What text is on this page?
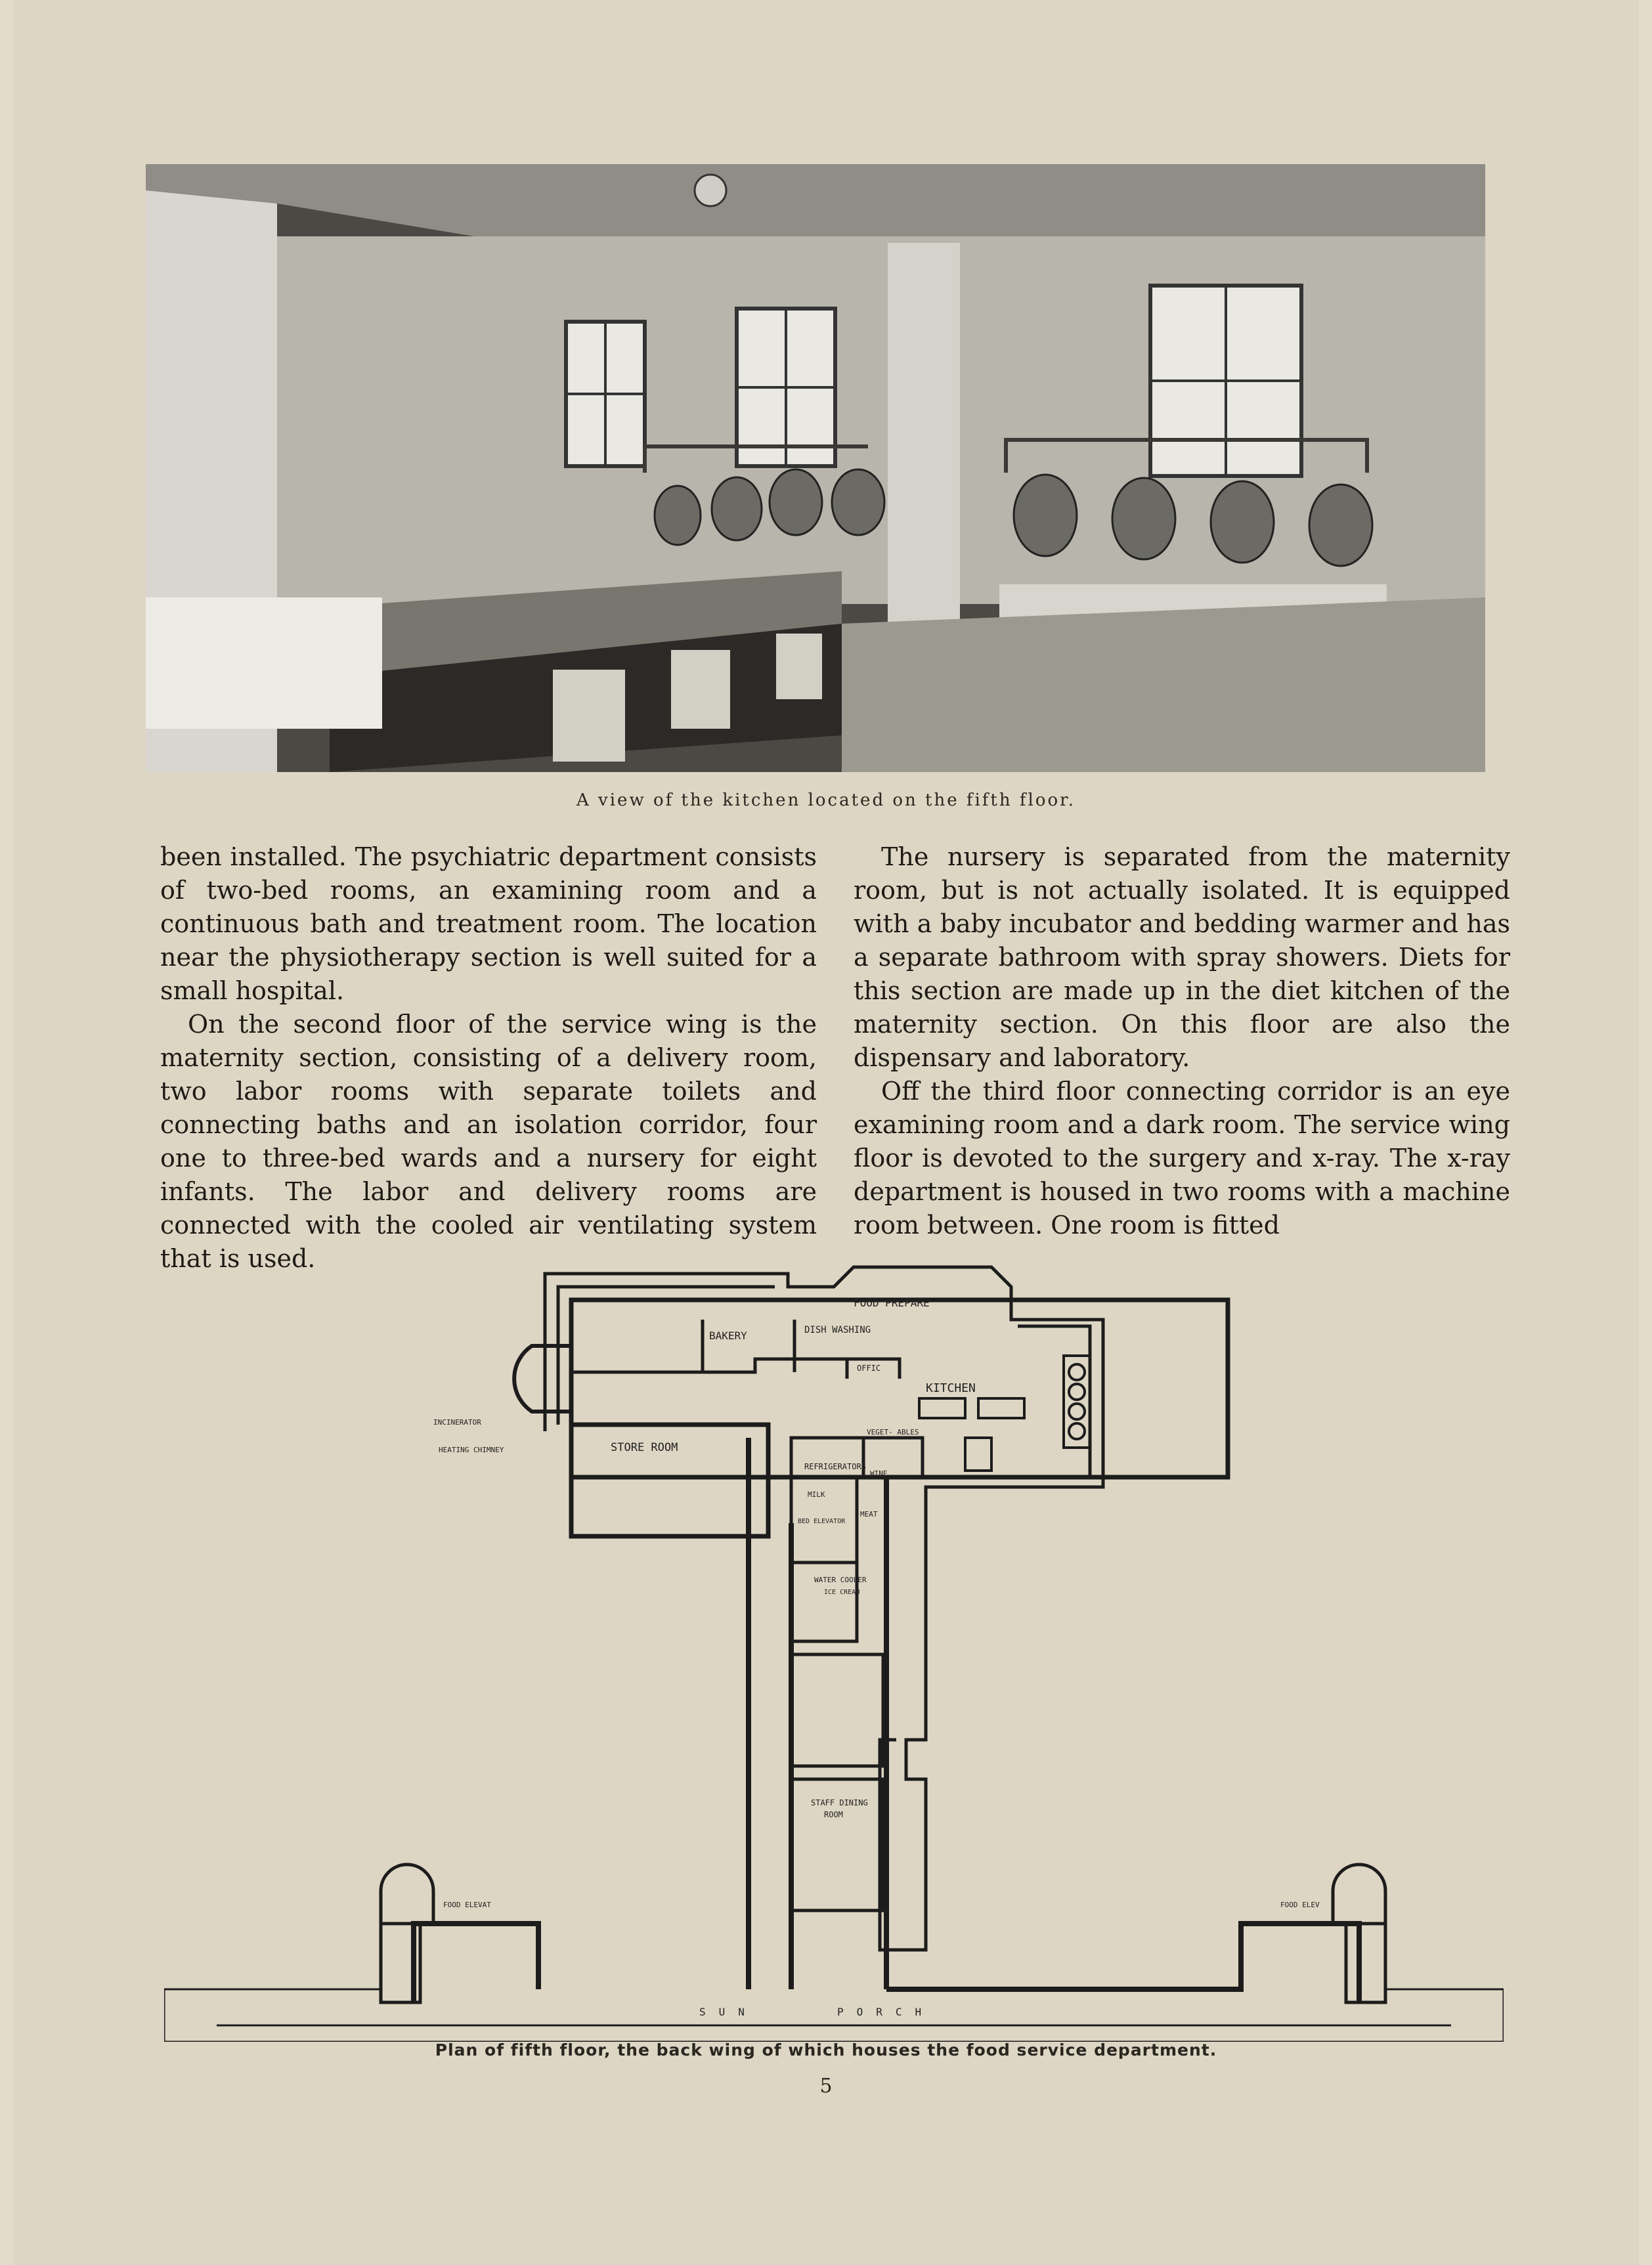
A view of the kitchen located on the fifth floor.

been installed. The psychiatric department consists of two-bed rooms, an examining room and a continuous bath and treatment room. The location near the physiotherapy section is well suited for a small hospital.

On the second floor of the service wing is the maternity section, consisting of a delivery room, two labor rooms with separate toilets and connecting baths and an isolation corridor, four one to three-bed wards and a nursery for eight infants. The labor and delivery rooms are connected with the cooled air ventilating system that is used.

The nursery is separated from the maternity room, but is not actually isolated. It is equipped with a baby incubator and bedding warmer and has a separate bathroom with spray showers. Diets for this section are made up in the diet kitchen of the maternity section. On this floor are also the dispensary and laboratory.

Off the third floor connecting corridor is an eye examining room and a dark room. The service wing floor is devoted to the surgery and x-ray. The x-ray department is housed in two rooms with a machine room between. One room is fitted

FOOD PREPARE
BAKERY	DISH WASHING
OFFIC
KITCHEN
INCINERATOR
HEATING CHIMNEY	STORE ROOM
VEGET- ABLES
REFRIGERATORS
WINE
MILK
MEAT
BED ELEVATOR
WATER COOLER
ICE CREAM
STAFF DINING
ROOM
FOOD ELEVAT	FOOD ELEV
SUN	PORCH
Plan of fifth floor, the back wing of which houses the food service department.
5
